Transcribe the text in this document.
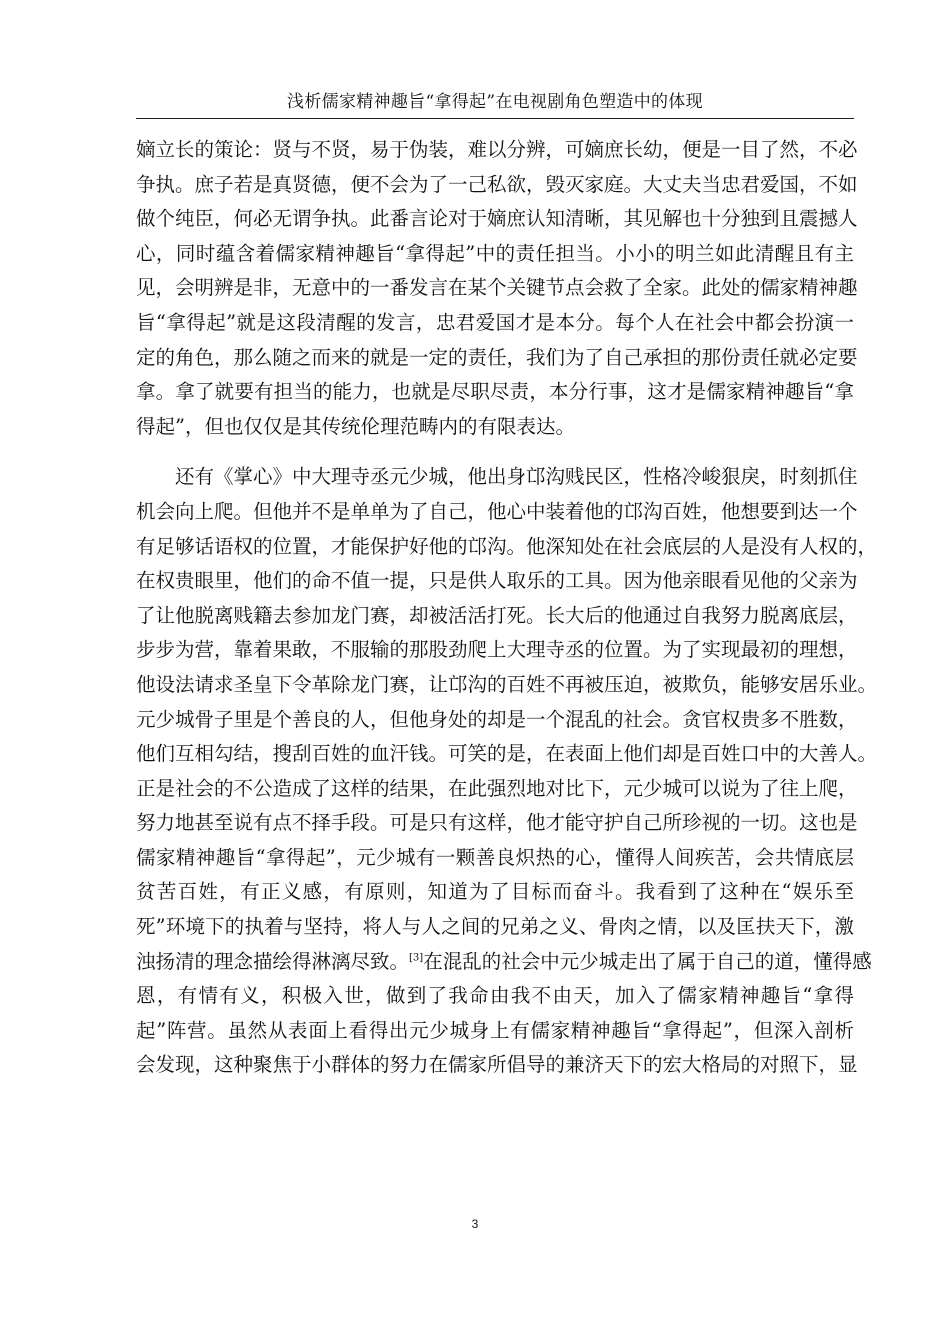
浅析儒家精神趣旨“拿得起”在电视剧角色塑造中的体现

嫡立长的策论：贤与不贤，易于伪装，难以分辨，可嫡庶长幼，便是一目了然，不必
争执。庶子若是真贤德，便不会为了一己私欲，毁灭家庭。大丈夫当忠君爱国，不如
做个纯臣，何必无谓争执。此番言论对于嫡庶认知清晰，其见解也十分独到且震撼人
心，同时蕴含着儒家精神趣旨“拿得起”中的责任担当。小小的明兰如此清醒且有主
见，会明辨是非，无意中的一番发言在某个关键节点会救了全家。此处的儒家精神趣
旨“拿得起”就是这段清醒的发言，忠君爱国才是本分。每个人在社会中都会扮演一
定的角色，那么随之而来的就是一定的责任，我们为了自己承担的那份责任就必定要
拿。拿了就要有担当的能力，也就是尽职尽责，本分行事，这才是儒家精神趣旨“拿
得起”，但也仅仅是其传统伦理范畴内的有限表达。

还有《掌心》中大理寺丞元少城，他出身邙沟贱民区，性格冷峻狠戾，时刻抓住
机会向上爬。但他并不是单单为了自己，他心中装着他的邙沟百姓，他想要到达一个
有足够话语权的位置，才能保护好他的邙沟。他深知处在社会底层的人是没有人权的，
在权贵眼里，他们的命不值一提，只是供人取乐的工具。因为他亲眼看见他的父亲为
了让他脱离贱籍去参加龙门赛，却被活活打死。长大后的他通过自我努力脱离底层，
步步为营，靠着果敢，不服输的那股劲爬上大理寺丞的位置。为了实现最初的理想，
他设法请求圣皇下令革除龙门赛，让邙沟的百姓不再被压迫，被欺负，能够安居乐业。
元少城骨子里是个善良的人，但他身处的却是一个混乱的社会。贪官权贵多不胜数，
他们互相勾结，搜刮百姓的血汗钱。可笑的是，在表面上他们却是百姓口中的大善人。
正是社会的不公造成了这样的结果，在此强烈地对比下，元少城可以说为了往上爬，
努力地甚至说有点不择手段。可是只有这样，他才能守护自己所珍视的一切。这也是
儒家精神趣旨“拿得起”，元少城有一颗善良炽热的心，懂得人间疾苦，会共情底层
贫苦百姓，有正义感，有原则，知道为了目标而奋斗。我看到了这种在“娱乐至
死”环境下的执着与坚持，将人与人之间的兄弟之义、骨肉之情，以及匡扶天下，激
浊扬清的理念描绘得淋漓尽致。[3]在混乱的社会中元少城走出了属于自己的道，懂得感
恩，有情有义，积极入世，做到了我命由我不由天，加入了儒家精神趣旨“拿得
起”阵营。虽然从表面上看得出元少城身上有儒家精神趣旨“拿得起”，但深入剖析
会发现，这种聚焦于小群体的努力在儒家所倡导的兼济天下的宏大格局的对照下，显

3
